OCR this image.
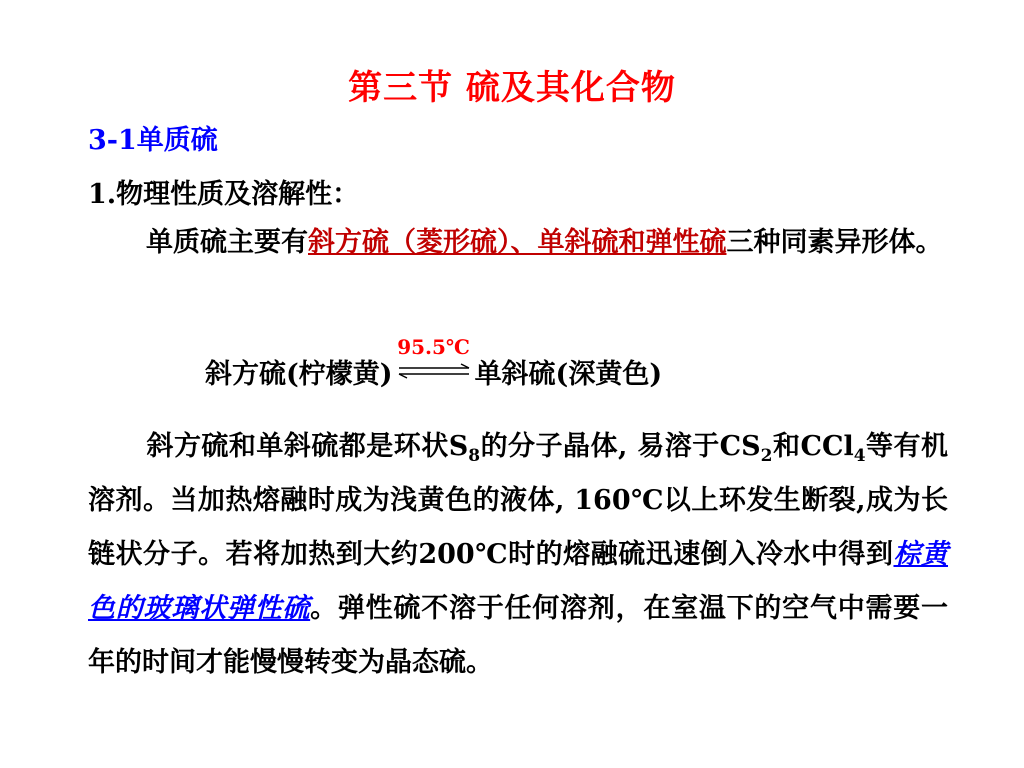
第三节 硫及其化合物
3-1单质硫
1.物理性质及溶解性：
单质硫主要有斜方硫（菱形硫）、单斜硫和弹性硫三种同素异形体。
斜方硫(柠檬黄)
95.5℃
单斜硫(深黄色)
斜方硫和单斜硫都是环状$S_8$的分子晶体, 易溶于$CS_2$和CCl$_4$等有机溶剂。当加热熔融时成为浅黄色的液体, 160℃以上环发生断裂,成为长链状分子。若将加热到大约200℃时的熔融硫迅速倒入冷水中得到棕黄色的玻璃状弹性硫。弹性硫不溶于任何溶剂，在室温下的空气中需要一年的时间才能慢慢转变为晶态硫。
